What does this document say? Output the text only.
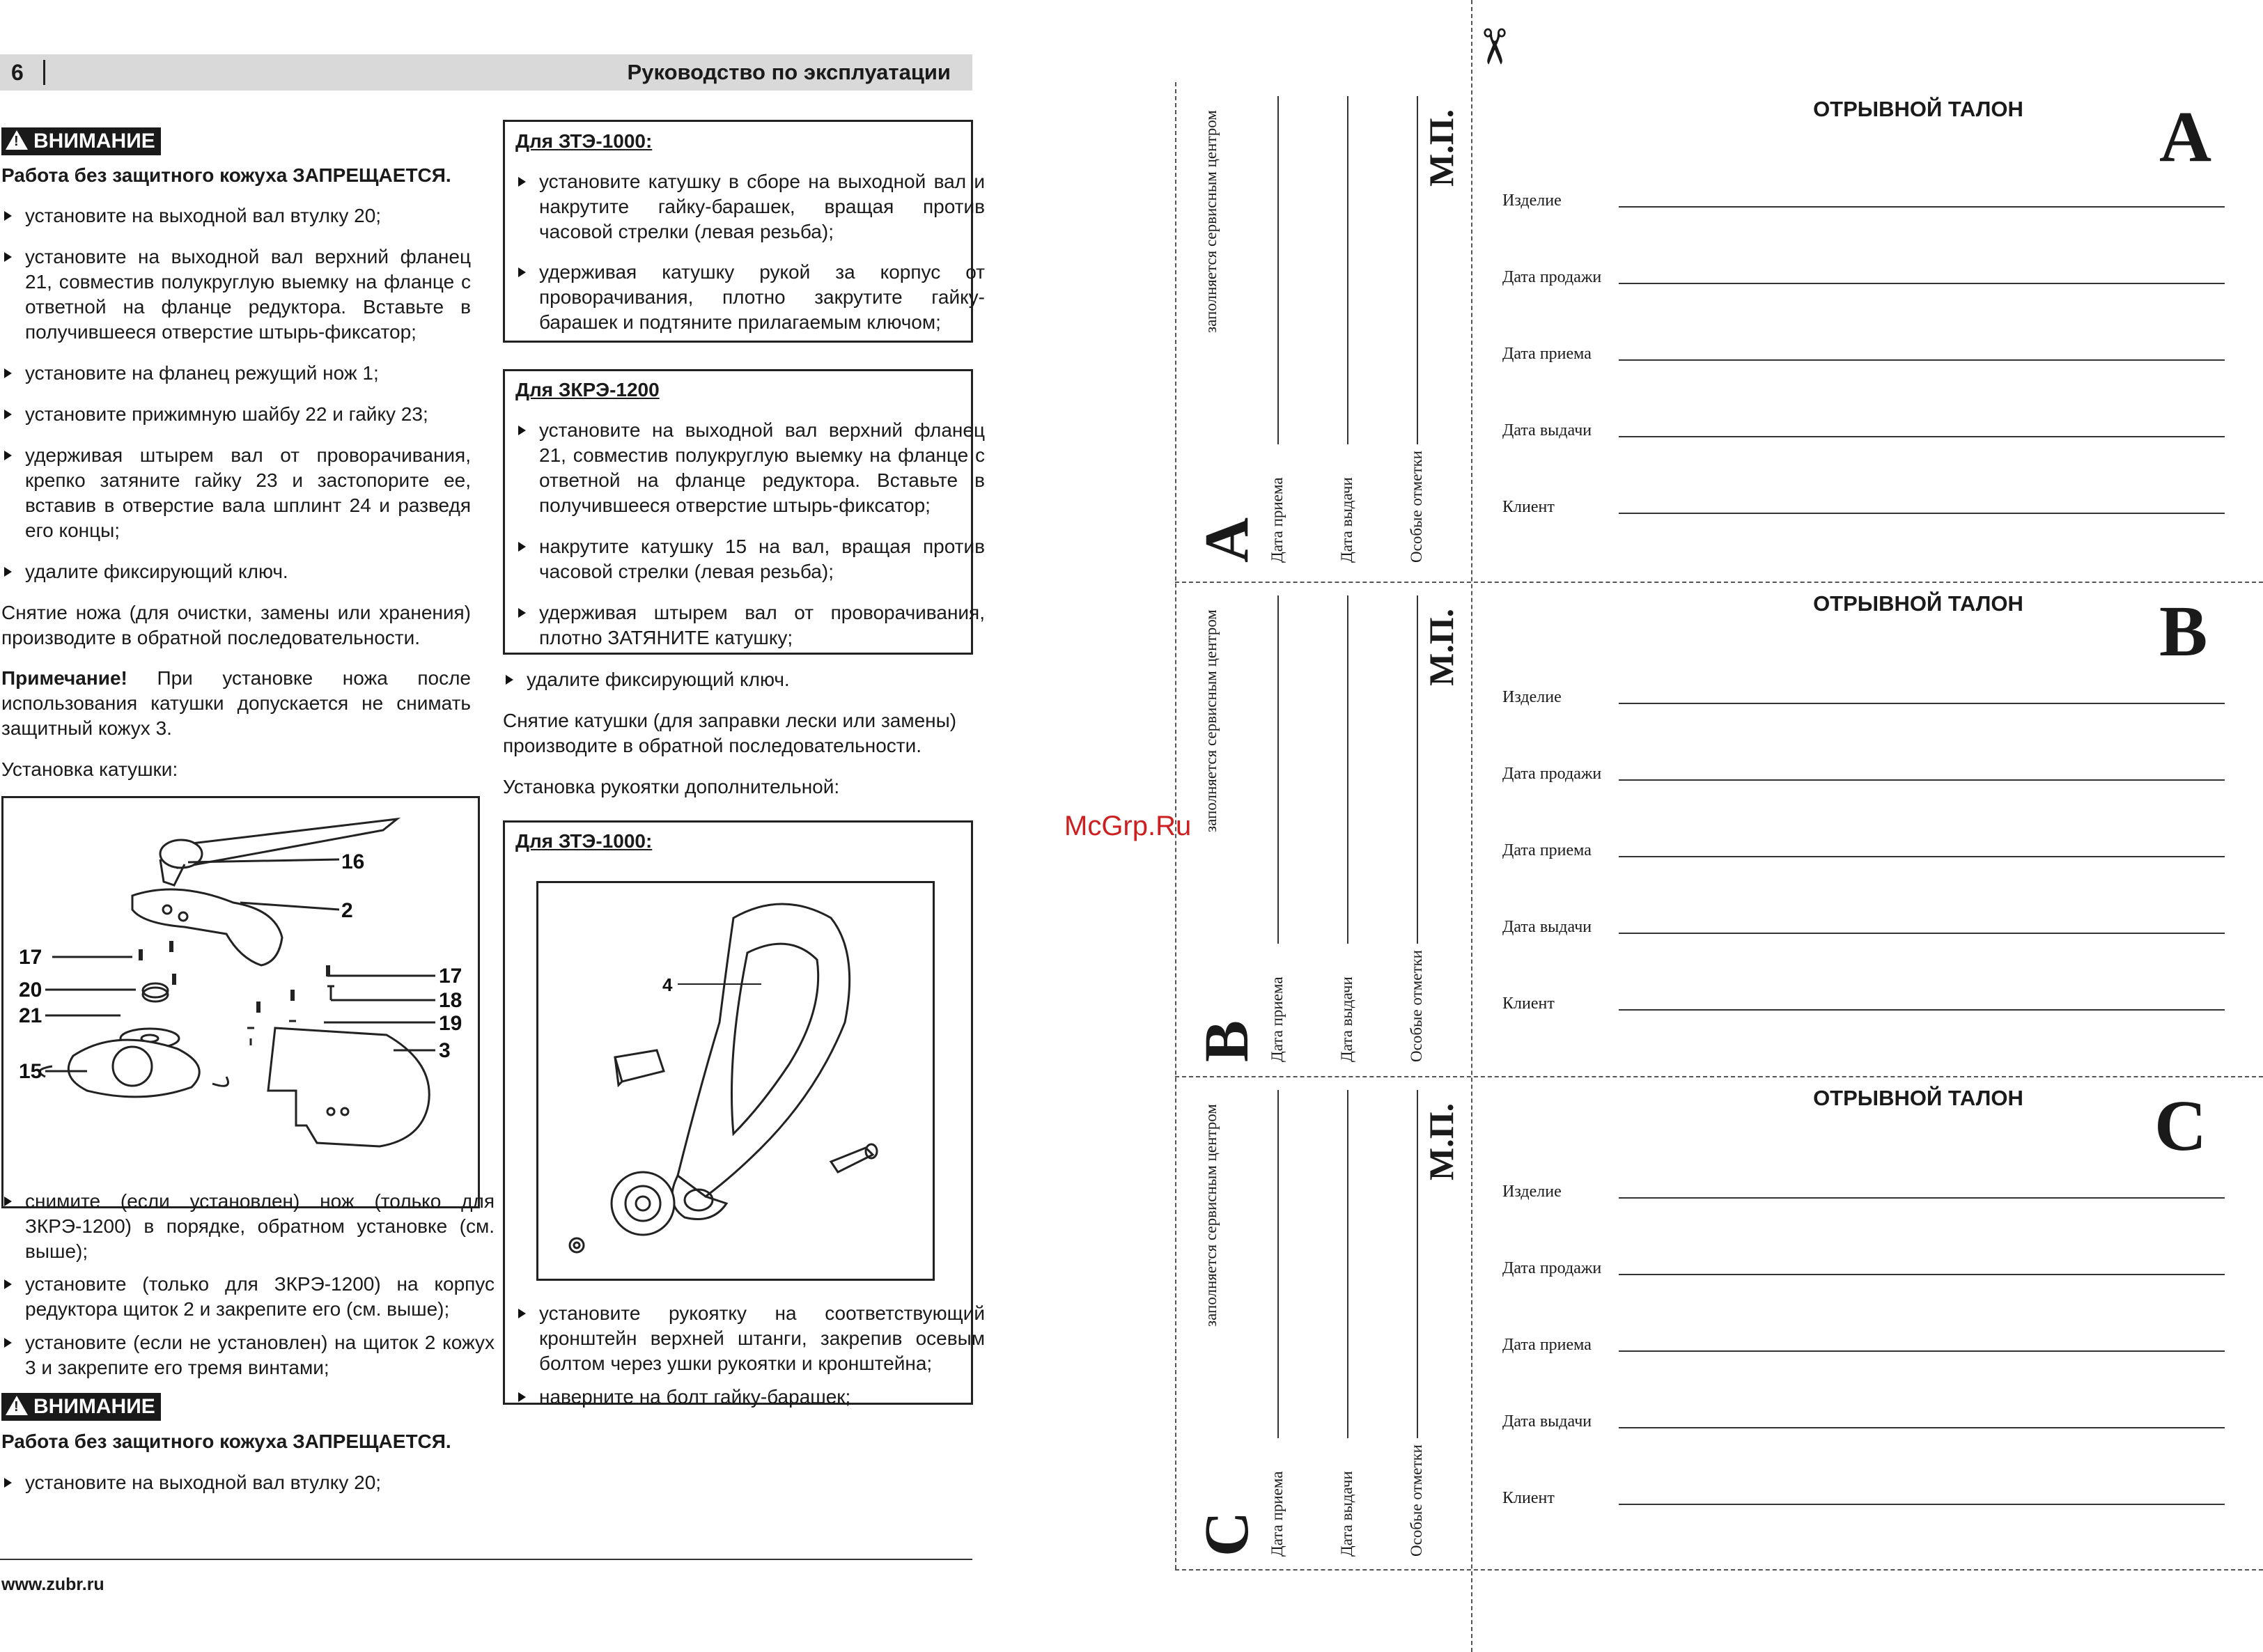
6	Руководство по эксплуатации
! ВНИМАНИЕ
Работа без защитного кожуха ЗАПРЕЩАЕТСЯ.
установите на выходной вал втулку 20;
установите на выходной вал верхний фланец 21, совместив полукруглую выемку на фланце с ответной на фланце редуктора. Вставьте в получившееся отверстие штырь-фиксатор;
установите на фланец режущий нож 1;
установите прижимную шайбу 22 и гайку 23;
удерживая штырем вал от проворачивания, крепко затяните гайку 23 и застопорите ее, вставив в отверстие вала шплинт 24 и разведя его концы;
удалите фиксирующий ключ.
Снятие ножа (для очистки, замены или хранения) производите в обратной последовательности.
Примечание! При установке ножа после использования катушки допускается не снимать защитный кожух 3.
Установка катушки:
16
2
17
17
20	18
21	19
15
3
снимите (если установлен) нож (только для ЗКРЭ-1200) в порядке, обратном установке (см. выше);
установите (только для ЗКРЭ-1200) на корпус редуктора щиток 2 и закрепите его (см. выше);
установите (если не установлен) на щиток 2 кожух 3 и закрепите его тремя винтами;
! ВНИМАНИЕ
Работа без защитного кожуха ЗАПРЕЩАЕТСЯ.
установите на выходной вал втулку 20;
Для ЗТЭ-1000:
установите катушку в сборе на выходной вал и накрутите гайку-барашек, вращая против часовой стрелки (левая резьба);
удерживая катушку рукой за корпус от проворачивания, плотно закрутите гайку-барашек и подтяните прилагаемым ключом;
Для ЗКРЭ-1200
установите на выходной вал верхний фланец 21, совместив полукруглую выемку на фланце с ответной на фланце редуктора. Вставьте в получившееся отверстие штырь-фиксатор;
накрутите катушку 15 на вал, вращая против часовой стрелки (левая резьба);
удерживая штырем вал от проворачивания, плотно ЗАТЯНИТЕ катушку;
удалите фиксирующий ключ.
Снятие катушки (для заправки лески или замены) производите в обратной последовательности.
Установка рукоятки дополнительной:
Для ЗТЭ-1000:
4
установите рукоятку на соответствующий кронштейн верхней штанги, закрепив осевым болтом через ушки рукоятки и кронштейна;
наверните на болт гайку-барашек;
www.zubr.ru
McGrp.Ru
✂
A
заполняется сервисным центром
Дата приема	Дата выдачи	Особые отметки
М.П.
ОТРЫВНОЙ ТАЛОН	A
Изделие
Дата продажи
Дата приема
Дата выдачи
Клиент
B
заполняется сервисным центром
Дата приема	Дата выдачи	Особые отметки
М.П.
ОТРЫВНОЙ ТАЛОН	B
Изделие
Дата продажи
Дата приема
Дата выдачи
Клиент
C
заполняется сервисным центром
Дата приема	Дата выдачи	Особые отметки
М.П.
ОТРЫВНОЙ ТАЛОН	C
Изделие
Дата продажи
Дата приема
Дата выдачи
Клиент
